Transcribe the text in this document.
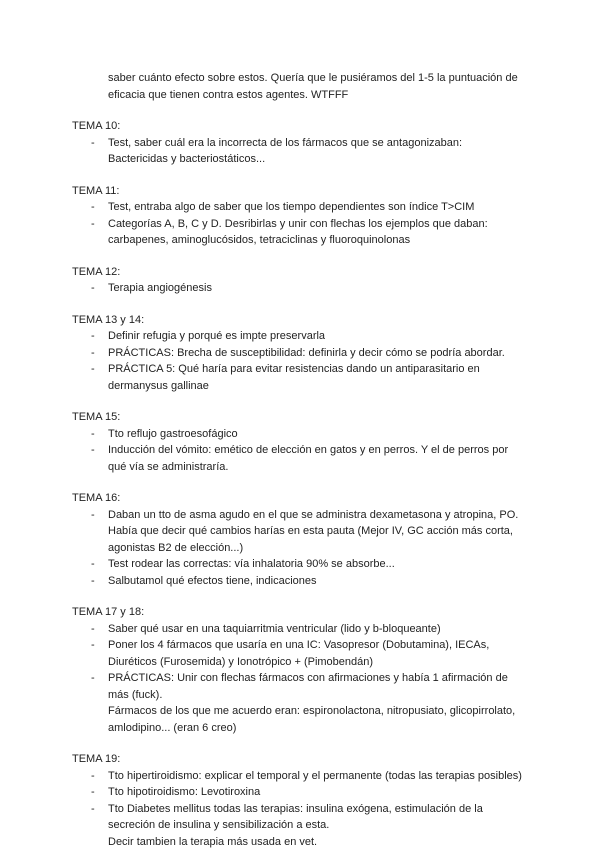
saber cuánto efecto sobre estos. Quería que le pusiéramos del 1-5 la puntuación de
eficacia que tienen contra estos agentes. WTFFF
TEMA 10:
- Test, saber cuál era la incorrecta de los fármacos que se antagonizaban:
Bactericidas y bacteriostáticos...
TEMA 11:
- Test, entraba algo de saber que los tiempo dependientes son índice T>CIM
- Categorías A, B, C y D. Desribirlas y unir con flechas los ejemplos que daban:
carbapenes, aminoglucósidos, tetraciclinas y fluoroquinolonas
TEMA 12:
- Terapia angiogénesis
TEMA 13 y 14:
- Definir refugia y porqué es impte preservarla
- PRÁCTICAS: Brecha de susceptibilidad: definirla y decir cómo se podría abordar.
- PRÁCTICA 5: Qué haría para evitar resistencias dando un antiparasitario en
dermanysus gallinae
TEMA 15:
- Tto reflujo gastroesofágico
- Inducción del vómito: emético de elección en gatos y en perros. Y el de perros por
qué vía se administraría.
TEMA 16:
- Daban un tto de asma agudo en el que se administra dexametasona y atropina, PO.
Había que decir qué cambios harías en esta pauta (Mejor IV, GC acción más corta,
agonistas B2 de elección...)
- Test rodear las correctas: vía inhalatoria 90% se absorbe...
- Salbutamol qué efectos tiene, indicaciones
TEMA 17 y 18:
- Saber qué usar en una taquiarritmia ventricular (lido y b-bloqueante)
- Poner los 4 fármacos que usaría en una IC: Vasopresor (Dobutamina), IECAs,
Diuréticos (Furosemida) y Ionotrópico + (Pimobendán)
- PRÁCTICAS: Unir con flechas fármacos con afirmaciones y había 1 afirmación de
más (fuck).
Fármacos de los que me acuerdo eran: espironolactona, nitropusiato, glicopirrolato,
amlodipino... (eran 6 creo)
TEMA 19:
- Tto hipertiroidismo: explicar el temporal y el permanente (todas las terapias posibles)
- Tto hipotiroidismo: Levotiroxina
- Tto Diabetes mellitus todas las terapias: insulina exógena, estimulación de la
secreción de insulina y sensibilización a esta.
Decir tambien la terapia más usada en vet.
